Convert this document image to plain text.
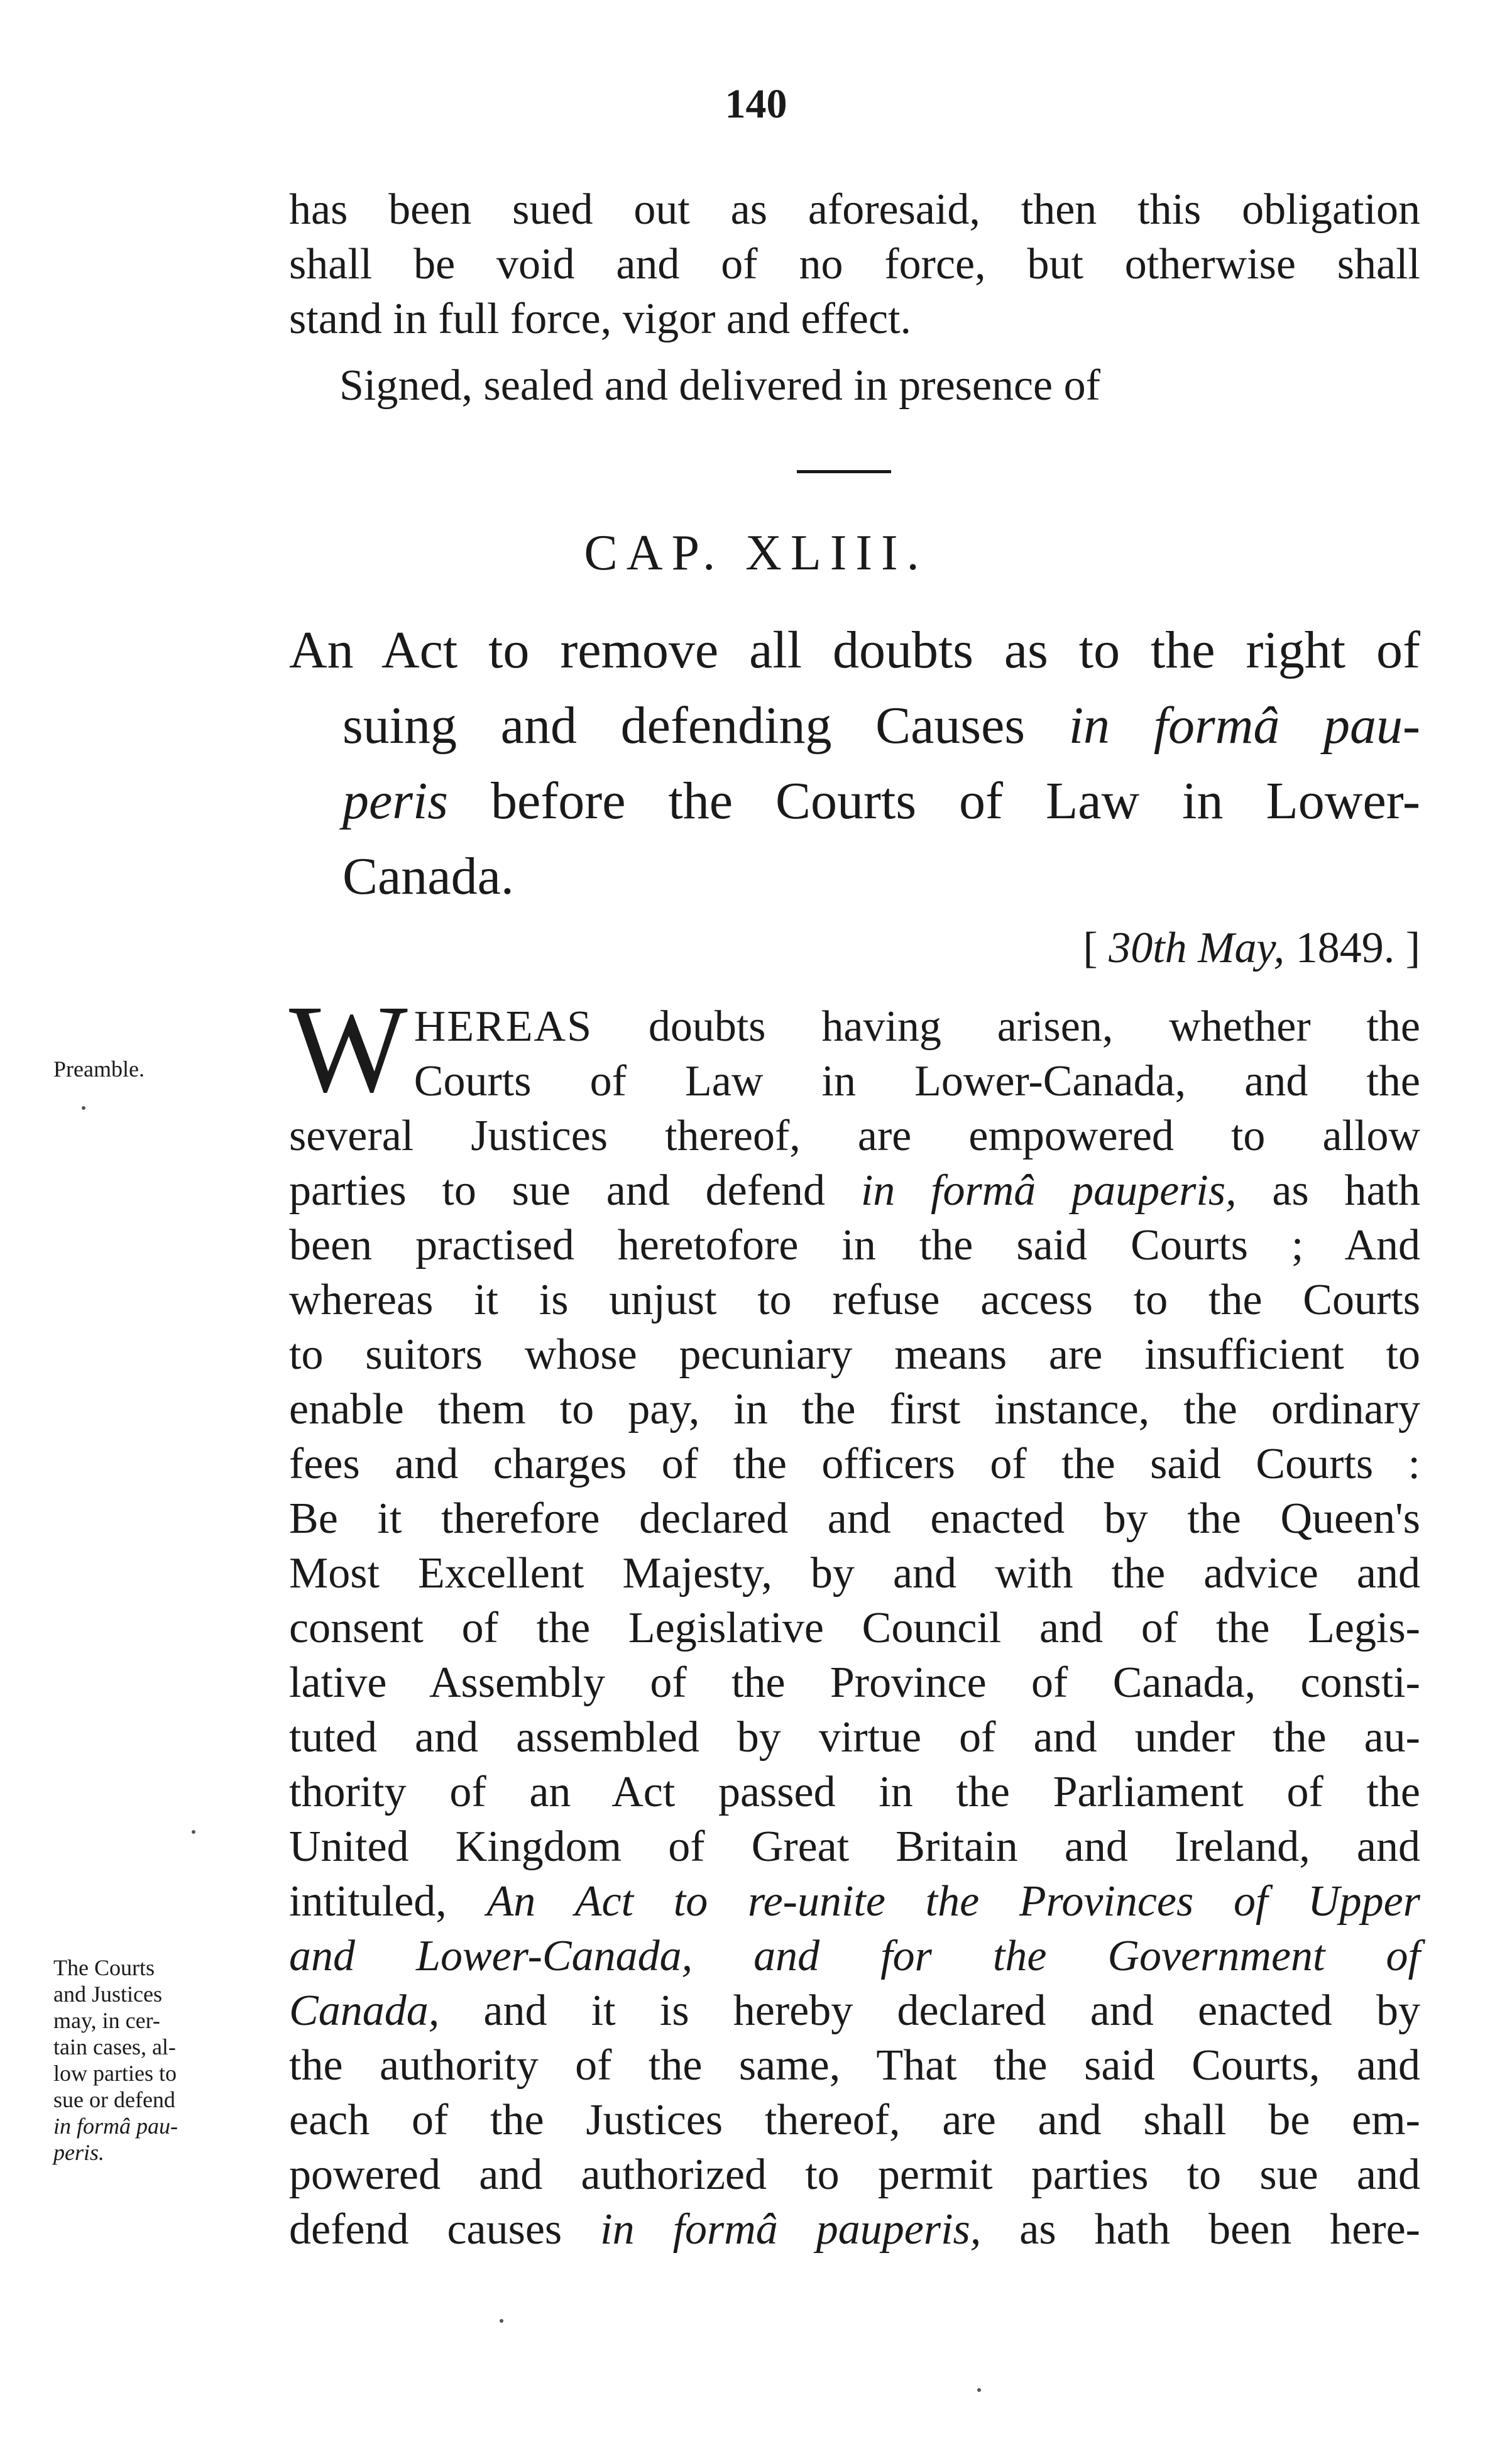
140
has been sued out as aforesaid, then this obligation
shall be void and of no force, but otherwise shall
stand in full force, vigor and effect.
Signed, sealed and delivered in presence of
CAP. XLIII.
An Act to remove all doubts as to the right of
suing and defending Causes in formâ pau-
peris before the Courts of Law in Lower-
Canada.
[ 30th May, 1849. ]
W HEREAS doubts having arisen, whether the
Courts of Law in Lower-Canada, and the
several Justices thereof, are empowered to allow
parties to sue and defend in formâ pauperis, as hath
been practised heretofore in the said Courts ; And
whereas it is unjust to refuse access to the Courts
to suitors whose pecuniary means are insufficient to
enable them to pay, in the first instance, the ordinary
fees and charges of the officers of the said Courts :
Be it therefore declared and enacted by the Queen's
Most Excellent Majesty, by and with the advice and
consent of the Legislative Council and of the Legis-
lative Assembly of the Province of Canada, consti-
tuted and assembled by virtue of and under the au-
thority of an Act passed in the Parliament of the
United Kingdom of Great Britain and Ireland, and
intituled, An Act to re-unite the Provinces of Upper
and Lower-Canada, and for the Government of
Canada, and it is hereby declared and enacted by
the authority of the same, That the said Courts, and
each of the Justices thereof, are and shall be em-
powered and authorized to permit parties to sue and
defend causes in formâ pauperis, as hath been here-
Preamble.
The Courts
and Justices
may, in cer-
tain cases, al-
low parties to
sue or defend
in formâ pau-
peris.
